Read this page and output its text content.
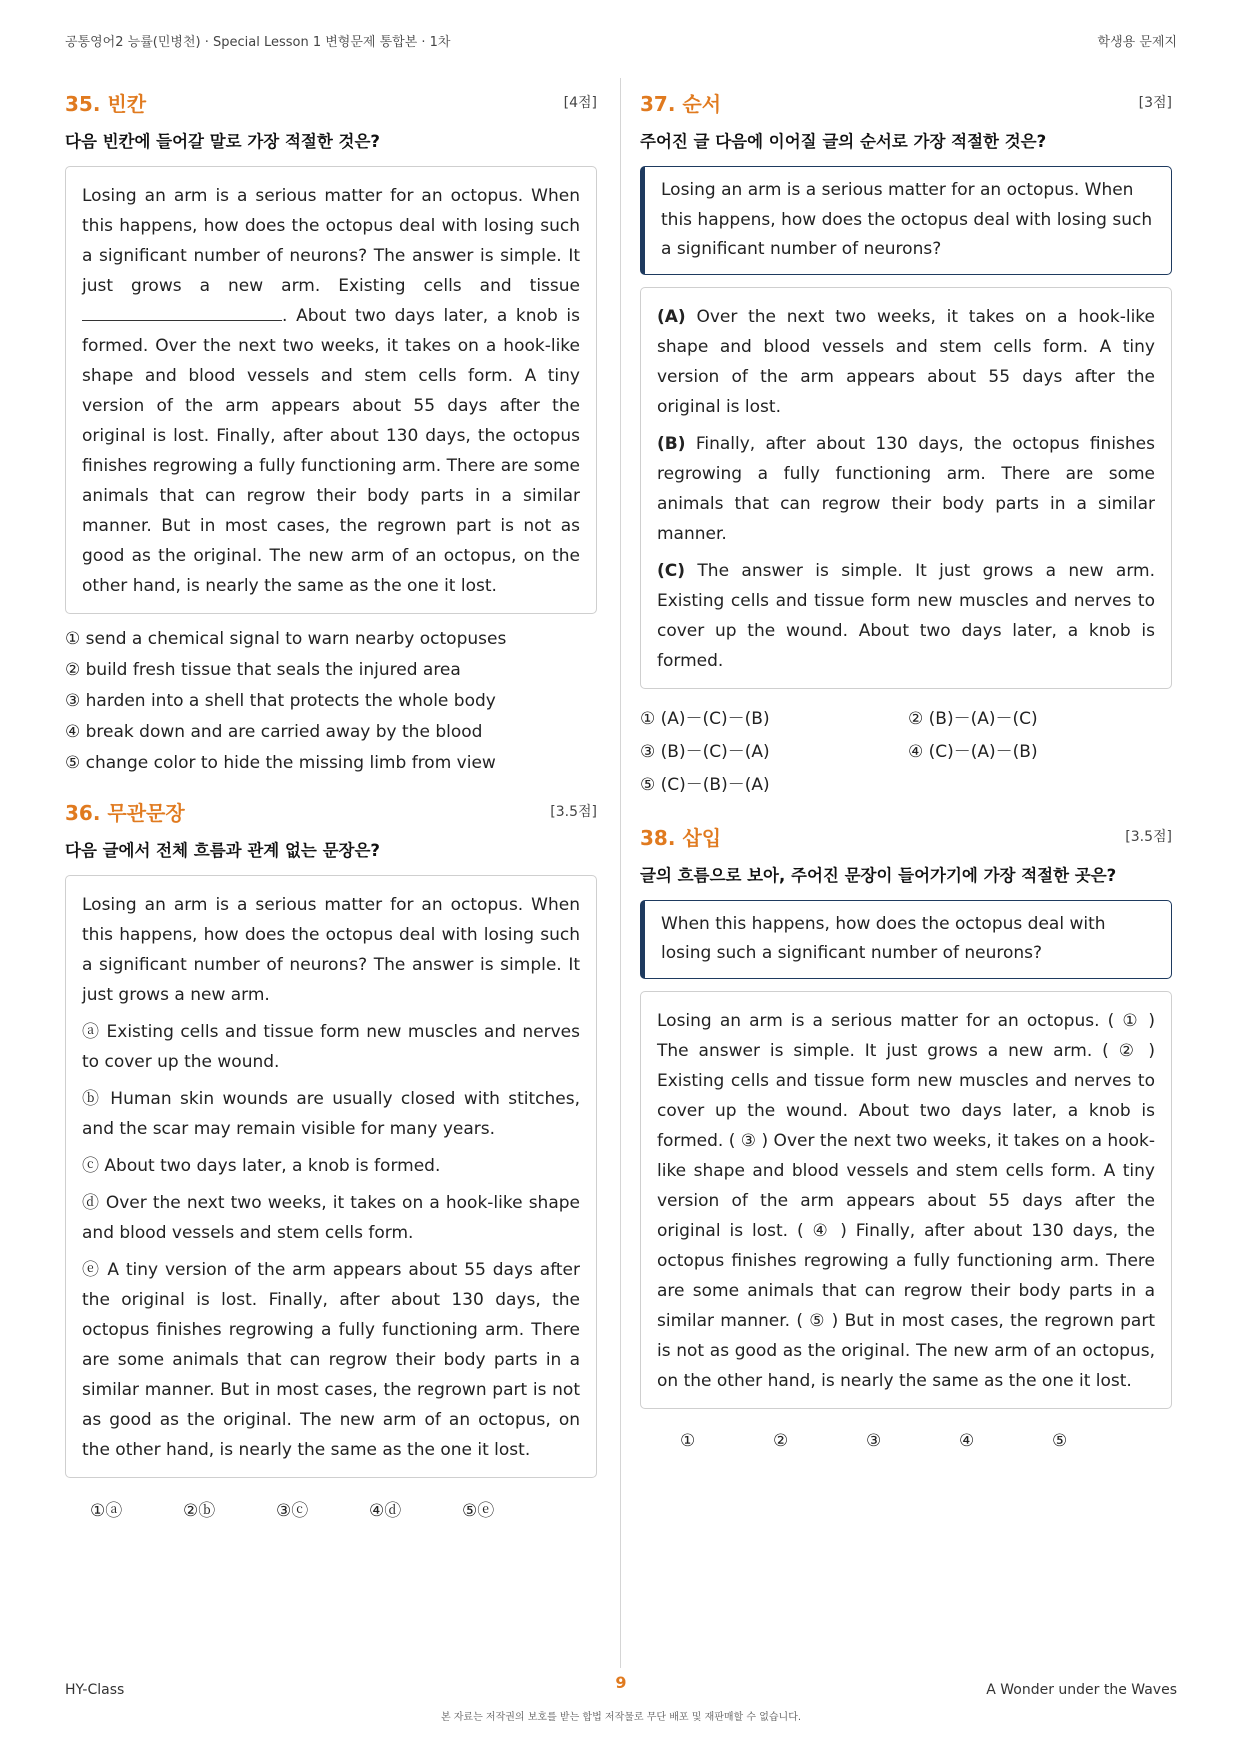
공통영어2 능률(민병천) · Special Lesson 1 변형문제 통합본 · 1차	학생용 문제지
35. 빈칸	[4점]
다음 빈칸에 들어갈 말로 가장 적절한 것은?
Losing an arm is a serious matter for an octopus. When this happens, how does the octopus deal with losing such a significant number of neurons? The answer is simple. It just grows a new arm. Existing cells and tissue . About two days later, a knob is formed. Over the next two weeks, it takes on a hook-like shape and blood vessels and stem cells form. A tiny version of the arm appears about 55 days after the original is lost. Finally, after about 130 days, the octopus finishes regrowing a fully functioning arm. There are some animals that can regrow their body parts in a similar manner. But in most cases, the regrown part is not as good as the original. The new arm of an octopus, on the other hand, is nearly the same as the one it lost.
① send a chemical signal to warn nearby octopuses
② build fresh tissue that seals the injured area
③ harden into a shell that protects the whole body
④ break down and are carried away by the blood
⑤ change color to hide the missing limb from view
36. 무관문장	[3.5점]
다음 글에서 전체 흐름과 관계 없는 문장은?

Losing an arm is a serious matter for an octopus. When this happens, how does the octopus deal with losing such a significant number of neurons? The answer is simple. It just grows a new arm.

ⓐ Existing cells and tissue form new muscles and nerves to cover up the wound.

ⓑ Human skin wounds are usually closed with stitches, and the scar may remain visible for many years.

ⓒ About two days later, a knob is formed.

ⓓ Over the next two weeks, it takes on a hook-like shape and blood vessels and stem cells form.

ⓔ A tiny version of the arm appears about 55 days after the original is lost. Finally, after about 130 days, the octopus finishes regrowing a fully functioning arm. There are some animals that can regrow their body parts in a similar manner. But in most cases, the regrown part is not as good as the original. The new arm of an octopus, on the other hand, is nearly the same as the one it lost.

①ⓐ	②ⓑ	③ⓒ	④ⓓ	⑤ⓔ
37. 순서	[3점]
주어진 글 다음에 이어질 글의 순서로 가장 적절한 것은?
Losing an arm is a serious matter for an octopus. When this happens, how does the octopus deal with losing such a significant number of neurons?

(A) Over the next two weeks, it takes on a hook-like shape and blood vessels and stem cells form. A tiny version of the arm appears about 55 days after the original is lost.

(B) Finally, after about 130 days, the octopus finishes regrowing a fully functioning arm. There are some animals that can regrow their body parts in a similar manner.

(C) The answer is simple. It just grows a new arm. Existing cells and tissue form new muscles and nerves to cover up the wound. About two days later, a knob is formed.

① (A)－(C)－(B)	② (B)－(A)－(C)
③ (B)－(C)－(A)	④ (C)－(A)－(B)
⑤ (C)－(B)－(A)
38. 삽입	[3.5점]
글의 흐름으로 보아, 주어진 문장이 들어가기에 가장 적절한 곳은?
When this happens, how does the octopus deal with losing such a significant number of neurons?
Losing an arm is a serious matter for an octopus. ( ① ) The answer is simple. It just grows a new arm. ( ② ) Existing cells and tissue form new muscles and nerves to cover up the wound. About two days later, a knob is formed. ( ③ ) Over the next two weeks, it takes on a hook-like shape and blood vessels and stem cells form. A tiny version of the arm appears about 55 days after the original is lost. ( ④ ) Finally, after about 130 days, the octopus finishes regrowing a fully functioning arm. There are some animals that can regrow their body parts in a similar manner. ( ⑤ ) But in most cases, the regrown part is not as good as the original. The new arm of an octopus, on the other hand, is nearly the same as the one it lost.
①	②	③	④	⑤
HY-Class	9	A Wonder under the Waves
본 자료는 저작권의 보호를 받는 합법 저작물로 무단 배포 및 재판매할 수 없습니다.
